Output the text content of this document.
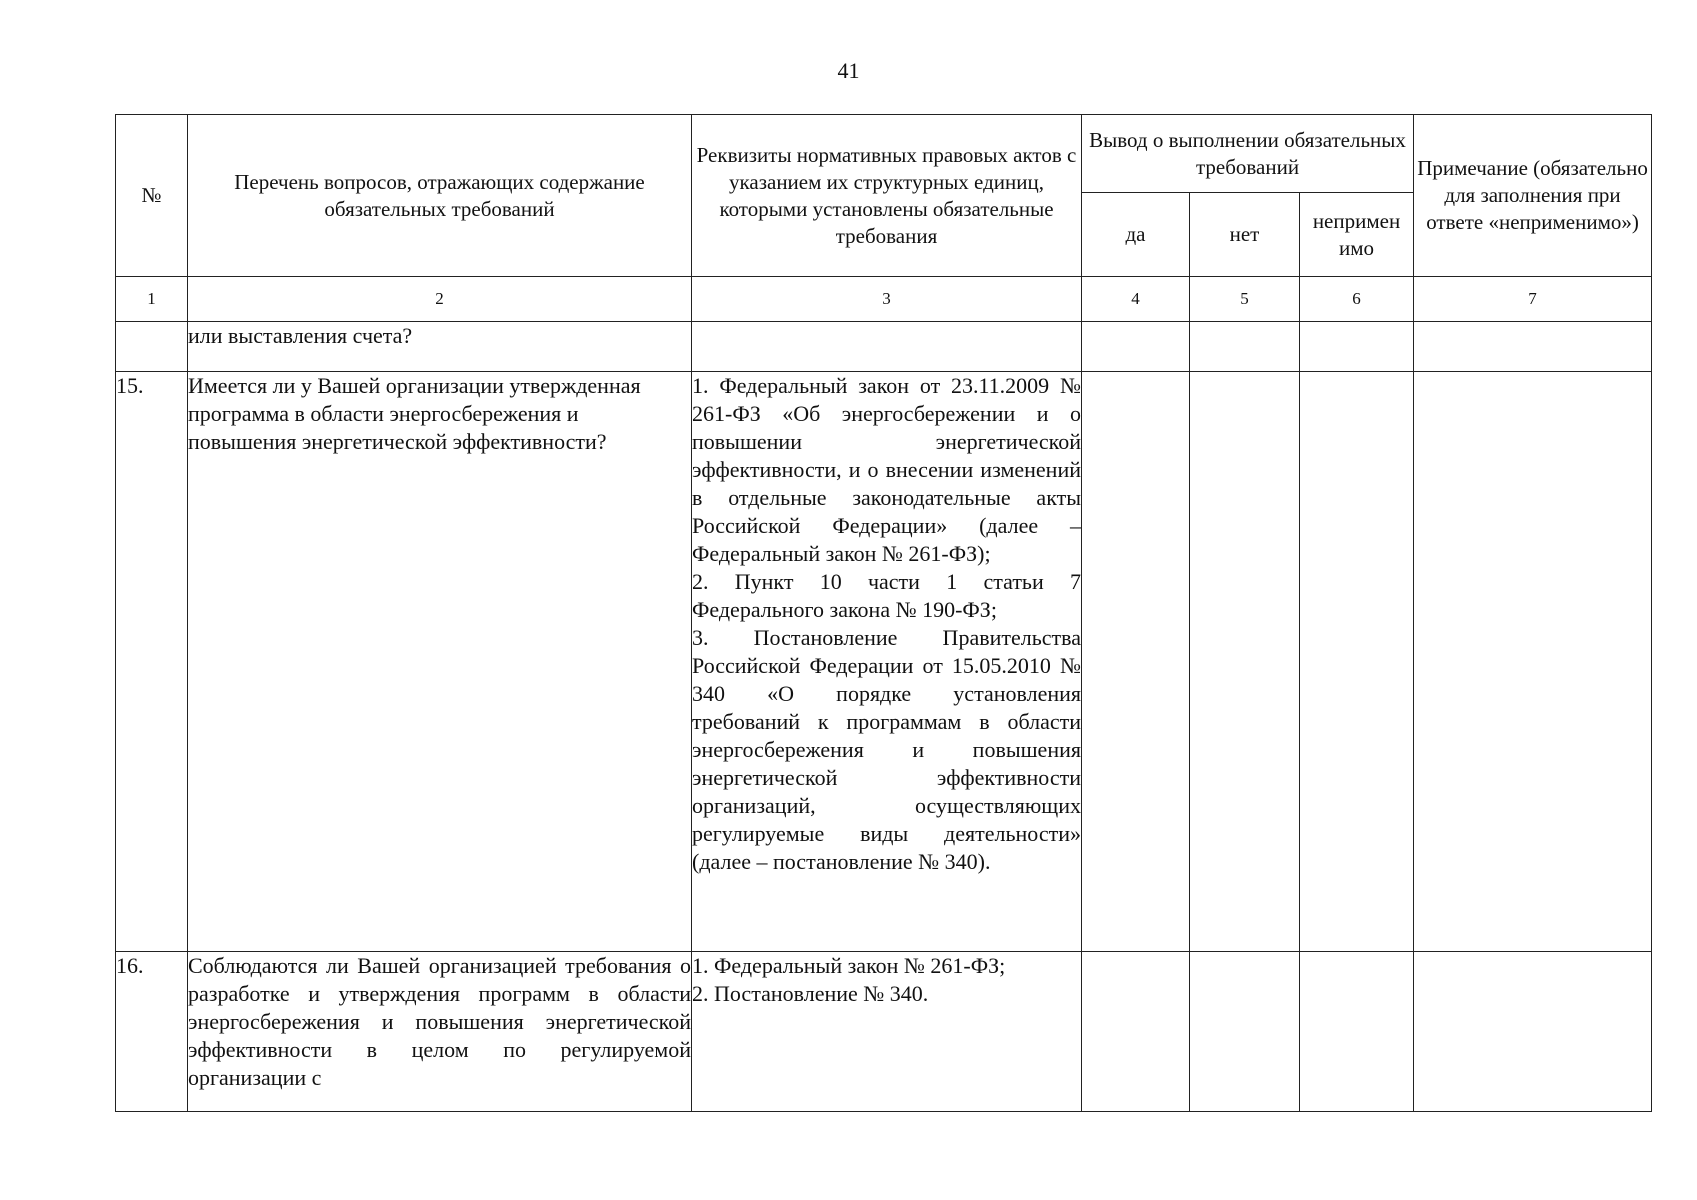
41
№	Перечень вопросов, отражающих содержание обязательных требований	Реквизиты нормативных правовых актов с указанием их структурных единиц, которыми установлены обязательные требования	Вывод о выполнении обязательных требований			Примечание (обязательно для заполнения при ответе «неприменимо»)
			да	нет	непримен
имо	

1	2	3	4	5	6	7
	или выставления счета?					
15.	Имеется ли у Вашей организации утвержденная программа в области энергосбережения и повышения энергетической эффективности?	1. Федеральный закон от 23.11.2009 № 261-ФЗ «Об энергосбережении и о повышении энергетической эффективности, и о внесении изменений в отдельные законодательные акты Российской Федерации» (далее – Федеральный закон № 261-ФЗ);
2. Пункт 10 части 1 статьи 7 Федерального закона № 190-ФЗ;
3. Постановление Правительства Российской Федерации от 15.05.2010 № 340 «О порядке установления требований к программам в области энергосбережения и повышения энергетической эффективности организаций, осуществляющих регулируемые виды деятельности» (далее – постановление № 340).				

16.	Соблюдаются ли Вашей организацией требования о разработке и утверждения программ в области энергосбережения и повышения энергетической эффективности в целом по регулируемой организации с	1. Федеральный закон № 261-ФЗ;
2. Постановление № 340.				
